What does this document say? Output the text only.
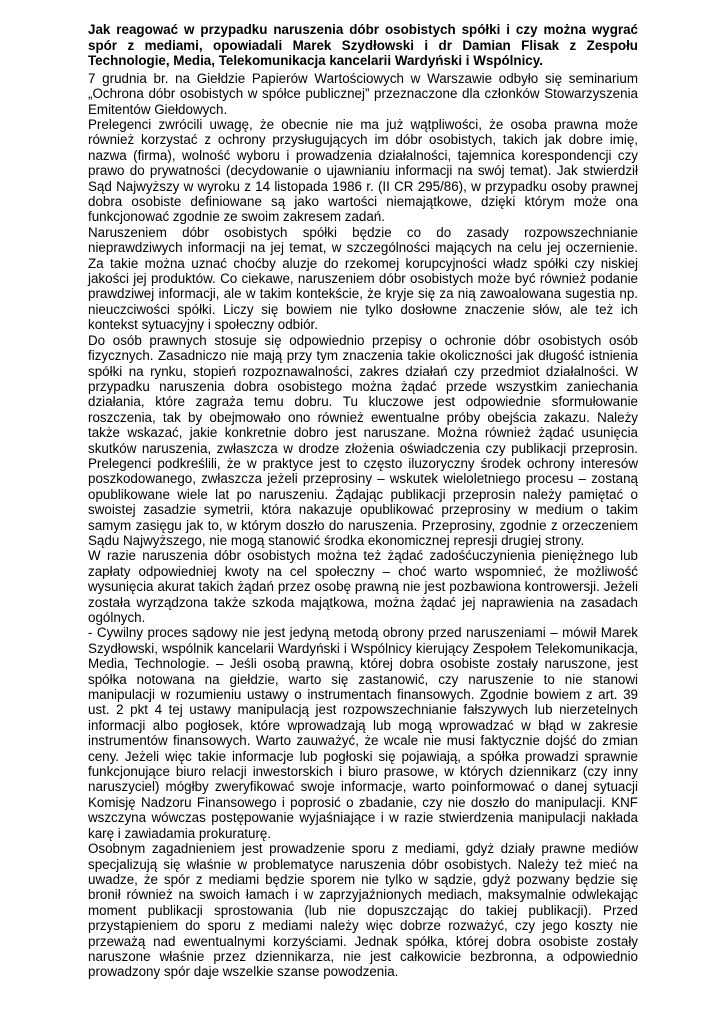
Jak reagować w przypadku naruszenia dóbr osobistych spółki i czy można wygrać spór z mediami, opowiadali Marek Szydłowski i dr Damian Flisak z Zespołu Technologie, Media, Telekomunikacja kancelarii Wardyński i Wspólnicy.

7 grudnia br. na Giełdzie Papierów Wartościowych w Warszawie odbyło się seminarium „Ochrona dóbr osobistych w spółce publicznej” przeznaczone dla członków Stowarzyszenia Emitentów Giełdowych.

Prelegenci zwrócili uwagę, że obecnie nie ma już wątpliwości, że osoba prawna może również korzystać z ochrony przysługujących im dóbr osobistych, takich jak dobre imię, nazwa (firma), wolność wyboru i prowadzenia działalności, tajemnica korespondencji czy prawo do prywatności (decydowanie o ujawnianiu informacji na swój temat). Jak stwierdził Sąd Najwyższy w wyroku z 14 listopada 1986 r. (II CR 295/86), w przypadku osoby prawnej dobra osobiste definiowane są jako wartości niemajątkowe, dzięki którym może ona funkcjonować zgodnie ze swoim zakresem zadań.

Naruszeniem dóbr osobistych spółki będzie co do zasady rozpowszechnianie nieprawdziwych informacji na jej temat, w szczególności mających na celu jej oczernienie. Za takie można uznać choćby aluzje do rzekomej korupcyjności władz spółki czy niskiej jakości jej produktów. Co ciekawe, naruszeniem dóbr osobistych może być również podanie prawdziwej informacji, ale w takim kontekście, że kryje się za nią zawoalowana sugestia np. nieuczciwości spółki. Liczy się bowiem nie tylko dosłowne znaczenie słów, ale też ich kontekst sytuacyjny i społeczny odbiór.

Do osób prawnych stosuje się odpowiednio przepisy o ochronie dóbr osobistych osób fizycznych. Zasadniczo nie mają przy tym znaczenia takie okoliczności jak długość istnienia spółki na rynku, stopień rozpoznawalności, zakres działań czy przedmiot działalności. W przypadku naruszenia dobra osobistego można żądać przede wszystkim zaniechania działania, które zagraża temu dobru. Tu kluczowe jest odpowiednie sformułowanie roszczenia, tak by obejmowało ono również ewentualne próby obejścia zakazu. Należy także wskazać, jakie konkretnie dobro jest naruszane. Można również żądać usunięcia skutków naruszenia, zwłaszcza w drodze złożenia oświadczenia czy publikacji przeprosin. Prelegenci podkreślili, że w praktyce jest to często iluzoryczny środek ochrony interesów poszkodowanego, zwłaszcza jeżeli przeprosiny – wskutek wieloletniego procesu – zostaną opublikowane wiele lat po naruszeniu. Żądając publikacji przeprosin należy pamiętać o swoistej zasadzie symetrii, która nakazuje opublikować przeprosiny w medium o takim samym zasięgu jak to, w którym doszło do naruszenia. Przeprosiny, zgodnie z orzeczeniem Sądu Najwyższego, nie mogą stanowić środka ekonomicznej represji drugiej strony.

W razie naruszenia dóbr osobistych można też żądać zadośćuczynienia pieniężnego lub zapłaty odpowiedniej kwoty na cel społeczny – choć warto wspomnieć, że możliwość wysunięcia akurat takich żądań przez osobę prawną nie jest pozbawiona kontrowersji. Jeżeli została wyrządzona także szkoda majątkowa, można żądać jej naprawienia na zasadach ogólnych.

- Cywilny proces sądowy nie jest jedyną metodą obrony przed naruszeniami – mówił Marek Szydłowski, wspólnik kancelarii Wardyński i Wspólnicy kierujący Zespołem Telekomunikacja, Media, Technologie. – Jeśli osobą prawną, której dobra osobiste zostały naruszone, jest spółka notowana na giełdzie, warto się zastanowić, czy naruszenie to nie stanowi manipulacji w rozumieniu ustawy o instrumentach finansowych. Zgodnie bowiem z art. 39 ust. 2 pkt 4 tej ustawy manipulacją jest rozpowszechnianie fałszywych lub nierzetelnych informacji albo pogłosek, które wprowadzają lub mogą wprowadzać w błąd w zakresie instrumentów finansowych. Warto zauważyć, że wcale nie musi faktycznie dojść do zmian ceny. Jeżeli więc takie informacje lub pogłoski się pojawiają, a spółka prowadzi sprawnie funkcjonujące biuro relacji inwestorskich i biuro prasowe, w których dziennikarz (czy inny naruszyciel) mógłby zweryfikować swoje informacje, warto poinformować o danej sytuacji Komisję Nadzoru Finansowego i poprosić o zbadanie, czy nie doszło do manipulacji. KNF wszczyna wówczas postępowanie wyjaśniające i w razie stwierdzenia manipulacji nakłada karę i zawiadamia prokuraturę.

Osobnym zagadnieniem jest prowadzenie sporu z mediami, gdyż działy prawne mediów specjalizują się właśnie w problematyce naruszenia dóbr osobistych. Należy też mieć na uwadze, że spór z mediami będzie sporem nie tylko w sądzie, gdyż pozwany będzie się bronił również na swoich łamach i w zaprzyjaźnionych mediach, maksymalnie odwlekając moment publikacji sprostowania (lub nie dopuszczając do takiej publikacji). Przed przystąpieniem do sporu z mediami należy więc dobrze rozważyć, czy jego koszty nie przeważą nad ewentualnymi korzyściami. Jednak spółka, której dobra osobiste zostały naruszone właśnie przez dziennikarza, nie jest całkowicie bezbronna, a odpowiednio prowadzony spór daje wszelkie szanse powodzenia.
